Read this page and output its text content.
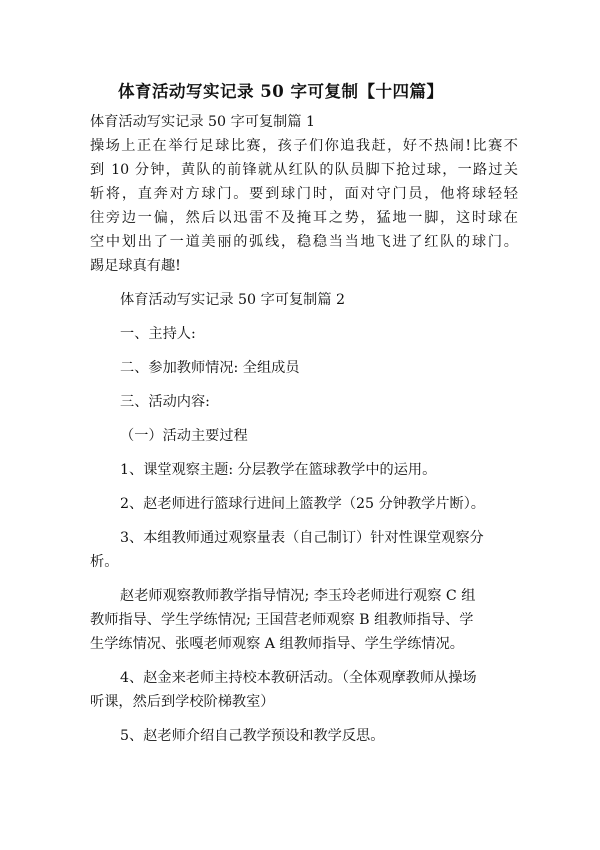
体育活动写实记录 50 字可复制【十四篇】
体育活动写实记录 50 字可复制篇 1
操场上正在举行足球比赛，孩子们你追我赶，好不热闹!比赛不
到 10 分钟，黄队的前锋就从红队的队员脚下抢过球，一路过关
斩将，直奔对方球门。要到球门时，面对守门员，他将球轻轻
往旁边一偏，然后以迅雷不及掩耳之势，猛地一脚，这时球在
空中划出了一道美丽的弧线，稳稳当当地飞进了红队的球门。
踢足球真有趣!
体育活动写实记录 50 字可复制篇 2
一、主持人:
二、参加教师情况: 全组成员
三、活动内容:
（一）活动主要过程
1、课堂观察主题: 分层教学在篮球教学中的运用。
2、赵老师进行篮球行进间上篮教学（25 分钟教学片断）。
3、本组教师通过观察量表（自己制订）针对性课堂观察分
析。
赵老师观察教师教学指导情况; 李玉玲老师进行观察 C 组
教师指导、学生学练情况; 王国营老师观察 B 组教师指导、学
生学练情况、张嘎老师观察 A 组教师指导、学生学练情况。
4、赵金来老师主持校本教研活动。（全体观摩教师从操场
听课，然后到学校阶梯教室）
5、赵老师介绍自己教学预设和教学反思。
